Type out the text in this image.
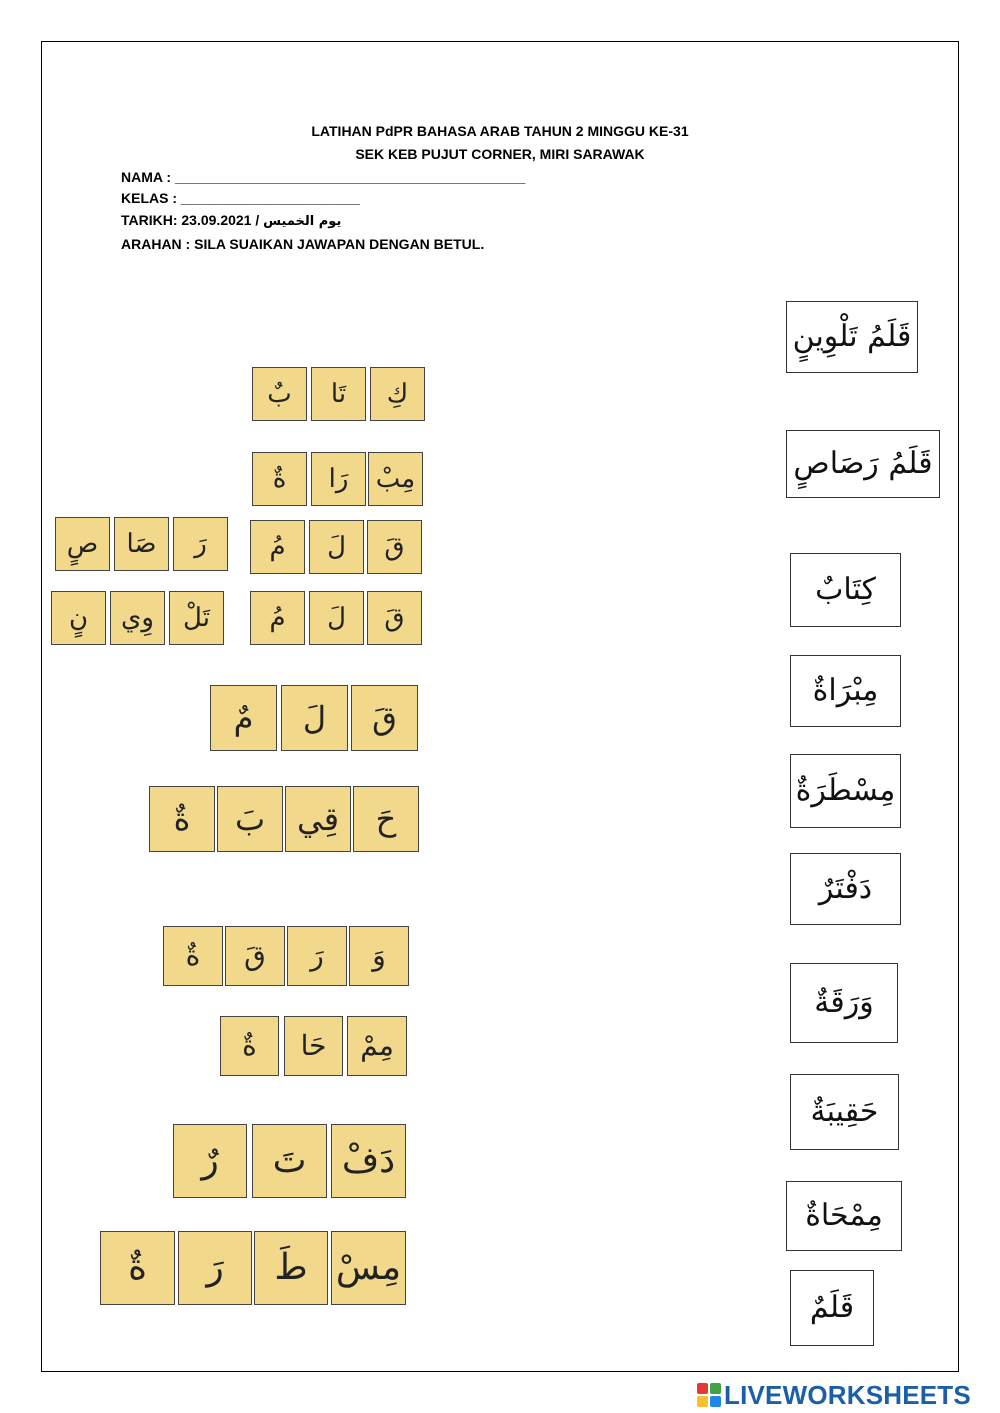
LATIHAN PdPR BAHASA ARAB TAHUN 2 MINGGU KE-31
SEK KEB PUJUT CORNER, MIRI SARAWAK
NAMA : _____________________________________________
KELAS : _______________________
TARIKH: 23.09.2021 / يوم الخميس
ARAHAN : SILA SUAIKAN JAWAPAN DENGAN BETUL.
بٌ	تَا	كِ
ةٌ	رَا	مِبْ
مُ	لَ	قَ
صٍ	صَا	رَ
مُ	لَ	قَ
نٍ	وِي	تَلْ
مٌ	لَ	قَ
ةٌ	بَ قِي	حَ
ةٌ	قَ	رَ	وَ
ةٌ	حَا	مِمْ
رٌ	تَ دَفْ
ةٌ	رَ	طَ مِسْ
قَلَمُ تَلْوِينٍ
قَلَمُ رَصَاصٍ
كِتَابٌ
مِبْرَاةٌ
مِسْطَرَةٌ
دَفْتَرٌ
وَرَقَةٌ
حَقِيبَةٌ
مِمْحَاةٌ
قَلَمٌ
LIVEWORKSHEETS
